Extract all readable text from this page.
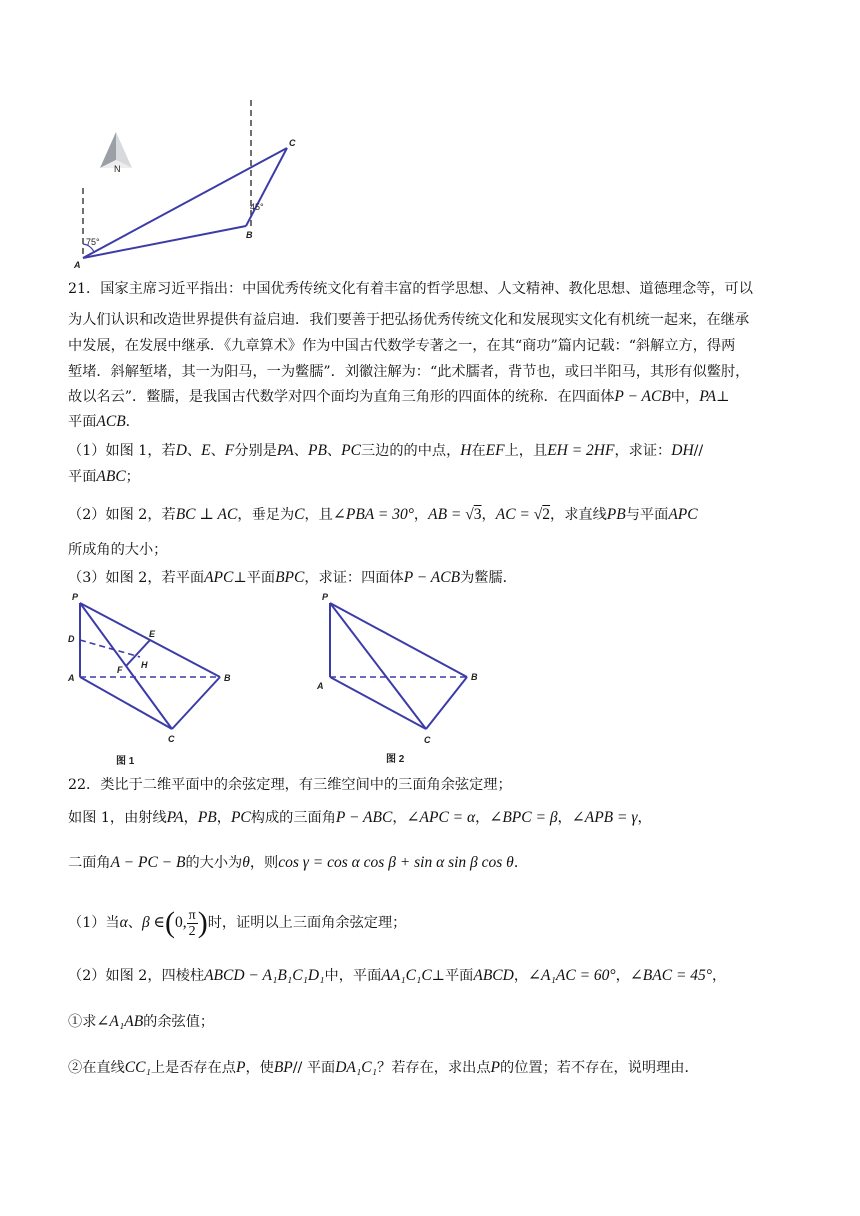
N
75°
45°
A
B
C
21．国家主席习近平指出：中国优秀传统文化有着丰富的哲学思想、人文精神、教化思想、道德理念等，可以
为人们认识和改造世界提供有益启迪．我们要善于把弘扬优秀传统文化和发展现实文化有机统一起来，在继承
中发展，在发展中继承．《九章算术》作为中国古代数学专著之一，在其“商功”篇内记载：“斜解立方，得两
堑堵．斜解堑堵，其一为阳马，一为鳖臑”．刘徽注解为：“此术臑者，背节也，或曰半阳马，其形有似鳖肘，
故以名云”．鳖臑，是我国古代数学对四个面均为直角三角形的四面体的统称．在四面体P − ACB中，PA⊥
平面ACB．
（1）如图 1，若D、E、F分别是PA、PB、PC三边的的中点，H在EF上，且EH = 2HF，求证：DH//
平面ABC；
（2）如图 2，若BC ⊥ AC，垂足为C，且∠PBA = 30°，AB = √3，AC = √2，求直线PB与平面APC
所成角的大小；
（3）如图 2，若平面APC⊥平面BPC，求证：四面体P − ACB为鳖臑．
P
D	E
H
F
A	B
C
图 1
P
A
B
C
图 2
22．类比于二维平面中的余弦定理，有三维空间中的三面角余弦定理；
如图 1，由射线PA，PB，PC构成的三面角P − ABC，∠APC = α，∠BPC = β，∠APB = γ，
二面角A − PC − B的大小为θ，则cos γ = cos α cos β + sin α sin β cos θ．
（1）当α、β ∈(0, $\frac{\pi}{2}$ )时，证明以上三面角余弦定理；
（2）如图 2，四棱柱ABCD − A₁B₁C₁D₁中，平面AA₁C₁C⊥平面ABCD，∠A₁AC = 60°，∠BAC = 45°，
①求∠A₁AB的余弦值；
②在直线CC₁上是否存在点P，使BP// 平面DA₁C₁？若存在，求出点P的位置；若不存在，说明理由．
